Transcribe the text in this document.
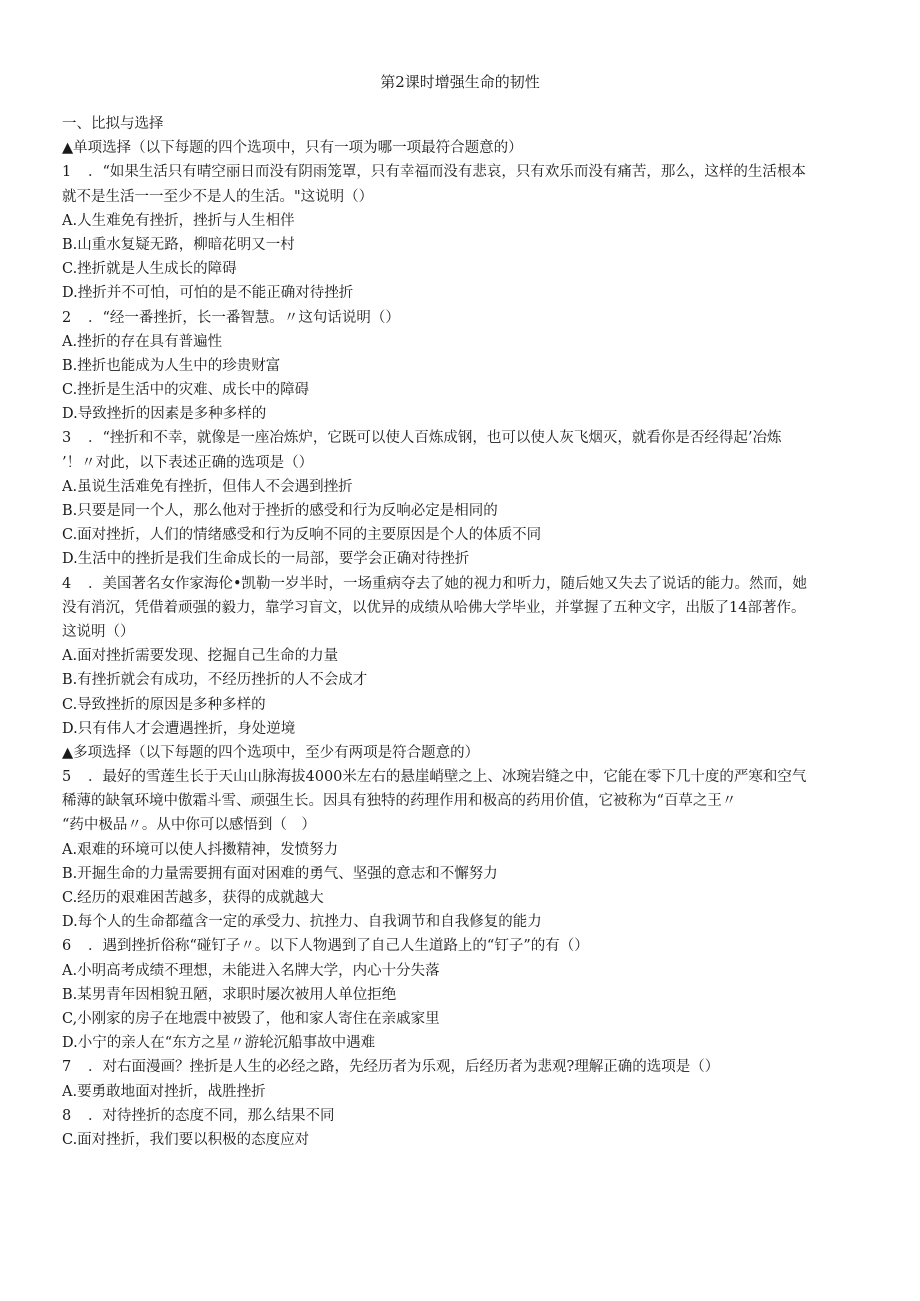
第2课时增强生命的韧性
一、比拟与选择
▲单项选择（以下每题的四个选项中，只有一项为哪一项最符合题意的）
1 ．“如果生活只有晴空丽日而没有阴雨笼罩，只有幸福而没有悲哀，只有欢乐而没有痛苦，那么，这样的生活根本
就不是生活一一至少不是人的生活。"这说明（）
A.人生难免有挫折，挫折与人生相伴
B.山重水复疑无路，柳暗花明又一村
C.挫折就是人生成长的障碍
D.挫折并不可怕，可怕的是不能正确对待挫折
2 ．“经一番挫折，长一番智慧。〃这句话说明（）
A.挫折的存在具有普遍性
B.挫折也能成为人生中的珍贵财富
C.挫折是生活中的灾难、成长中的障碍
D.导致挫折的因素是多种多样的
3 ．“挫折和不幸，就像是一座冶炼炉，它既可以使人百炼成钢，也可以使人灰飞烟灭，就看你是否经得起’冶炼
’！〃对此，以下表述正确的选项是（）
A.虽说生活难免有挫折，但伟人不会遇到挫折
B.只要是同一个人，那么他对于挫折的感受和行为反响必定是相同的
C.面对挫折，人们的情绪感受和行为反响不同的主要原因是个人的体质不同
D.生活中的挫折是我们生命成长的一局部，要学会正确对待挫折
4 ．美国著名女作家海伦•凯勒一岁半时，一场重病夺去了她的视力和听力，随后她又失去了说话的能力。然而，她
没有消沉，凭借着顽强的毅力，靠学习盲文，以优异的成绩从哈佛大学毕业，并掌握了五种文字，出版了14部著作。
这说明（）
A.面对挫折需要发现、挖掘自己生命的力量
B.有挫折就会有成功，不经历挫折的人不会成才
C.导致挫折的原因是多种多样的
D.只有伟人才会遭遇挫折，身处逆境
▲多项选择（以下每题的四个选项中，至少有两项是符合题意的）
5 ．最好的雪莲生长于天山山脉海拔4000米左右的悬崖峭壁之上、冰琬岩缝之中，它能在零下几十度的严寒和空气
稀薄的缺氧环境中傲霜斗雪、顽强生长。因具有独特的药理作用和极高的药用价值，它被称为“百草之王〃
“药中极品〃。从中你可以感悟到（　）
A.艰难的环境可以使人抖擞精神，发愤努力
B.开掘生命的力量需要拥有面对困难的勇气、坚强的意志和不懈努力
C.经历的艰难困苦越多，获得的成就越大
D.每个人的生命都蕴含一定的承受力、抗挫力、自我调节和自我修复的能力
6 ．遇到挫折俗称“碰钉子〃。以下人物遇到了自己人生道路上的“钉子”的有（）
A.小明高考成绩不理想，未能进入名牌大学，内心十分失落
B.某男青年因相貌丑陋，求职时屡次被用人单位拒绝
C,小刚家的房子在地震中被毁了，他和家人寄住在亲戚家里
D.小宁的亲人在“东方之星〃游轮沉船事故中遇难
7 ．对右面漫画？挫折是人生的必经之路，先经历者为乐观，后经历者为悲观?理解正确的选项是（）
A.要勇敢地面对挫折，战胜挫折
8 ．对待挫折的态度不同，那么结果不同
C.面对挫折，我们要以积极的态度应对
